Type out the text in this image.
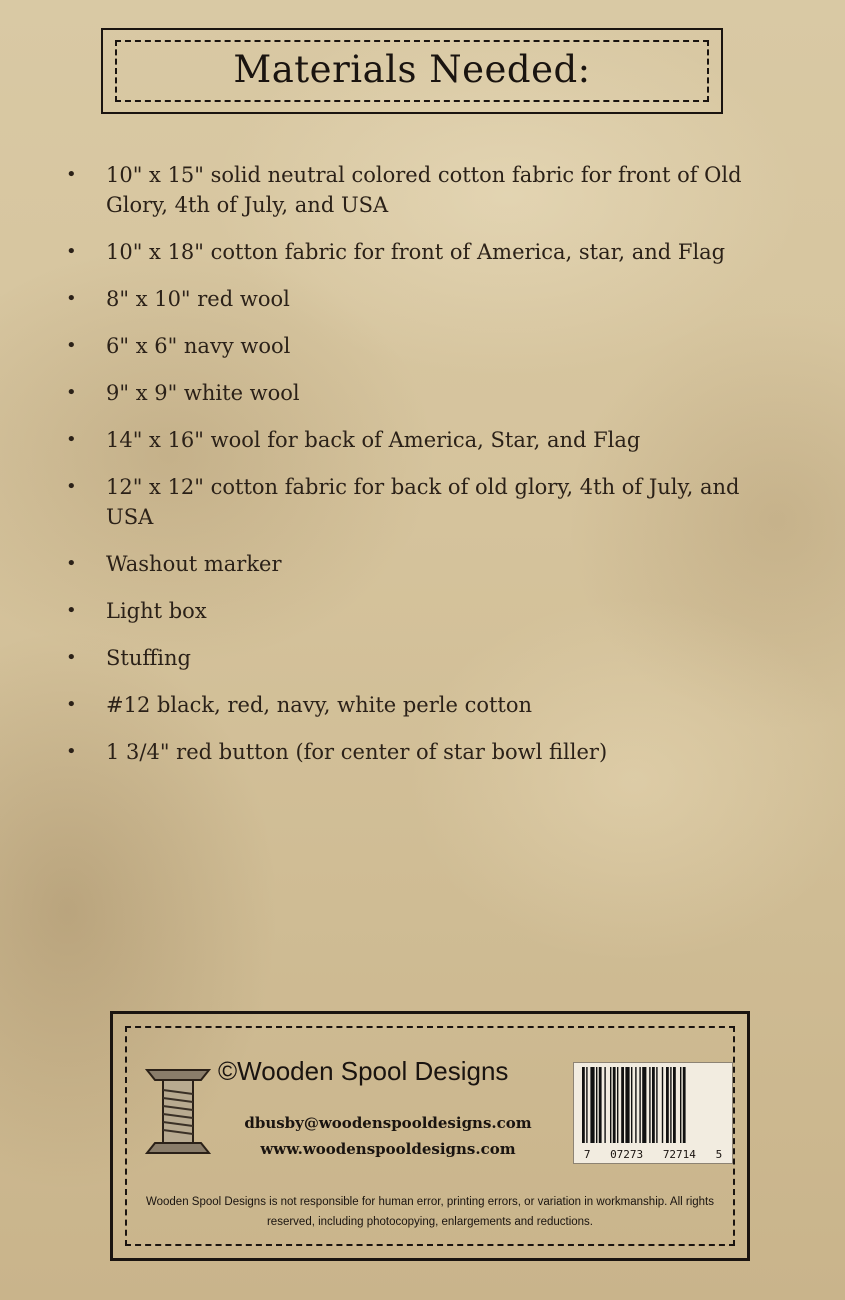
Materials Needed:
• 10" x 15" solid neutral colored cotton fabric for front of Old Glory, 4th of July, and USA
• 10" x 18" cotton fabric for front of America, star, and Flag
• 8" x 10" red wool
• 6" x 6" navy wool
• 9" x 9" white wool
• 14" x 16" wool for back of America, Star, and Flag
• 12" x 12" cotton fabric for back of old glory, 4th of July, and USA
• Washout marker
• Light box
• Stuffing
• #12 black, red, navy, white perle cotton
• 1 3/4" red button (for center of star bowl filler)
©Wooden Spool Designs
dbusby@woodenspooldesigns.com
www.woodenspooldesigns.com	7 07273 72714 5
Wooden Spool Designs is not responsible for human error, printing errors, or variation in workmanship. All rights reserved, including photocopying, enlargements and reductions.
